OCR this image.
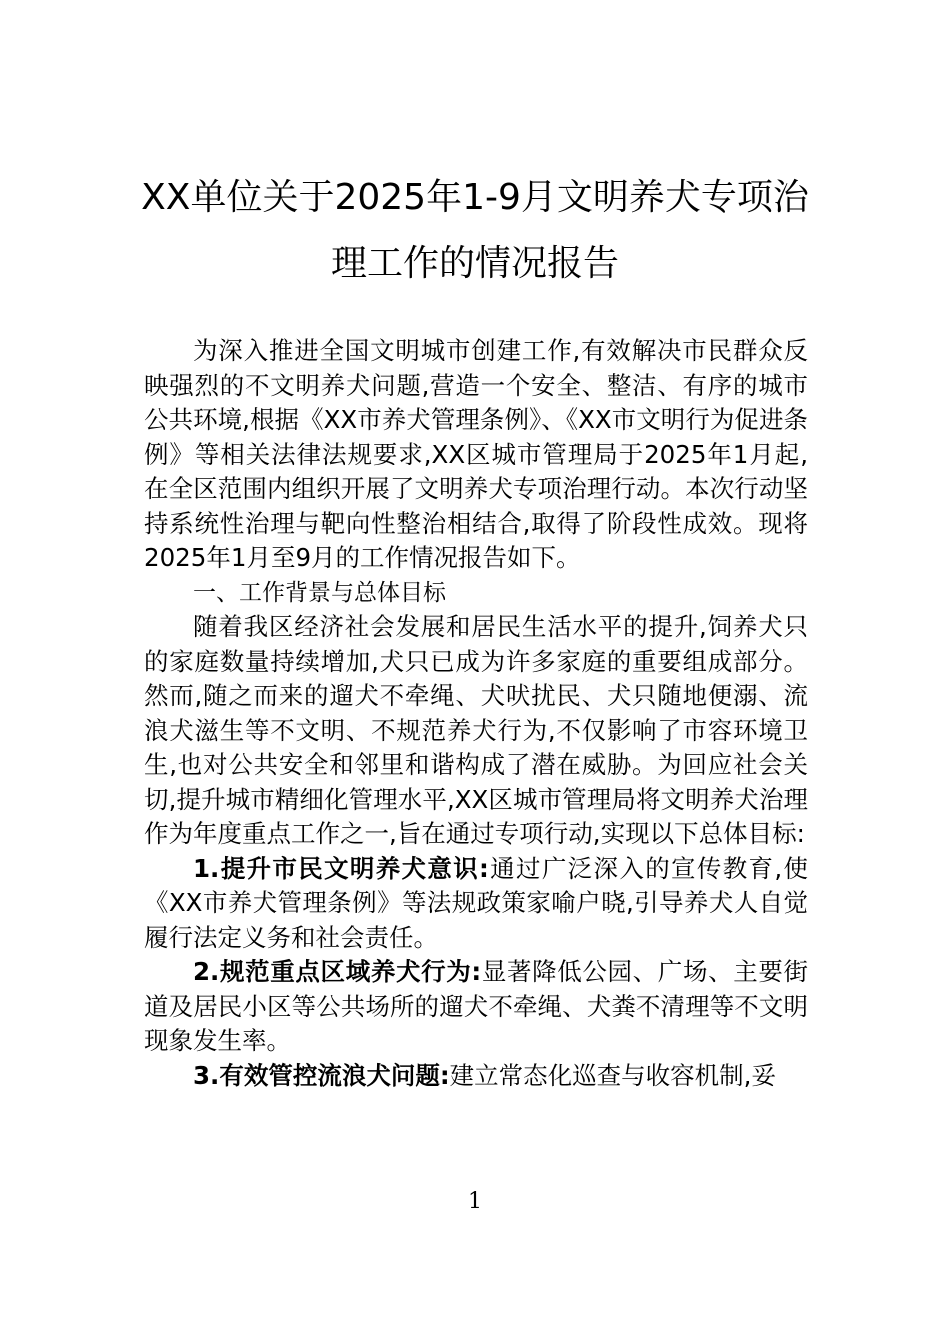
XX单位关于2025年1-9月文明养犬专项治
理工作的情况报告

为深入推进全国文明城市创建工作,有效解决市民群众反映强烈的不文明养犬问题,营造一个安全、整洁、有序的城市公共环境,根据《XX市养犬管理条例》、《XX市文明行为促进条例》等相关法律法规要求,XX区城市管理局于2025年1月起,在全区范围内组织开展了文明养犬专项治理行动。本次行动坚持系统性治理与靶向性整治相结合,取得了阶段性成效。现将2025年1月至9月的工作情况报告如下。

一、工作背景与总体目标

随着我区经济社会发展和居民生活水平的提升,饲养犬只的家庭数量持续增加,犬只已成为许多家庭的重要组成部分。然而,随之而来的遛犬不牵绳、犬吠扰民、犬只随地便溺、流浪犬滋生等不文明、不规范养犬行为,不仅影响了市容环境卫生,也对公共安全和邻里和谐构成了潜在威胁。为回应社会关切,提升城市精细化管理水平,XX区城市管理局将文明养犬治理作为年度重点工作之一,旨在通过专项行动,实现以下总体目标:

1.提升市民文明养犬意识:通过广泛深入的宣传教育,使《XX市养犬管理条例》等法规政策家喻户晓,引导养犬人自觉履行法定义务和社会责任。

2.规范重点区域养犬行为:显著降低公园、广场、主要街道及居民小区等公共场所的遛犬不牵绳、犬粪不清理等不文明现象发生率。

3.有效管控流浪犬问题:建立常态化巡查与收容机制,妥

1
